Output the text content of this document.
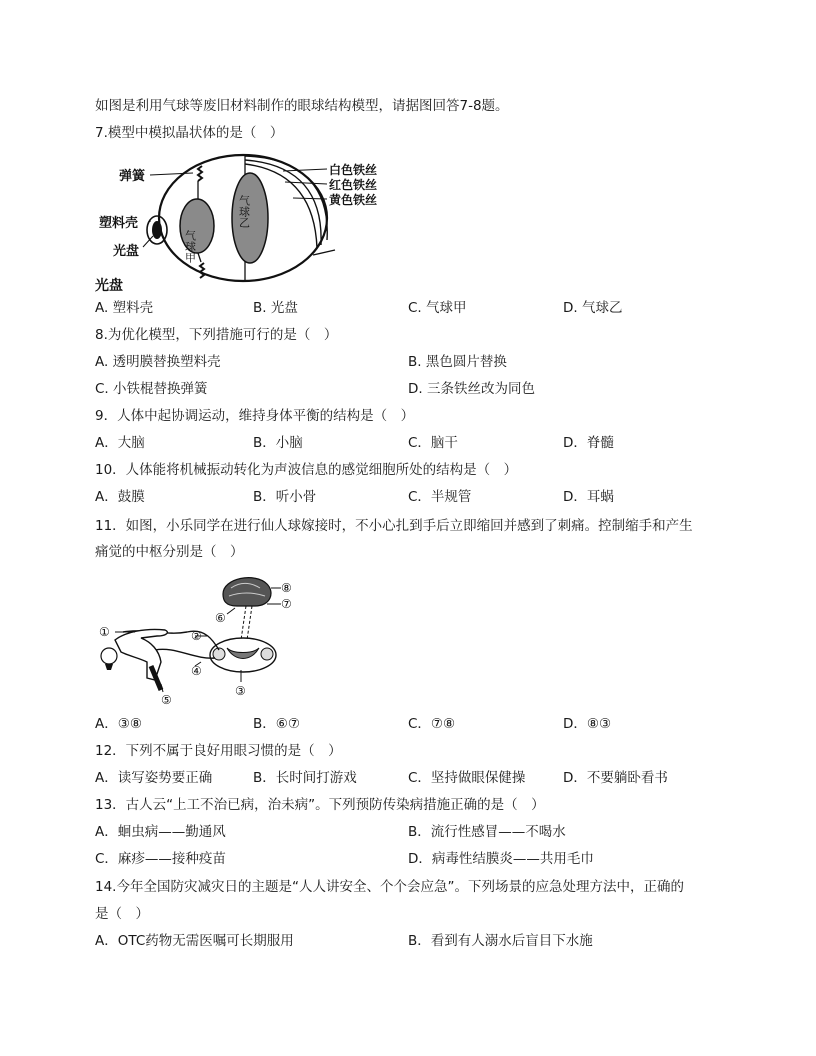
如图是利用气球等废旧材料制作的眼球结构模型，请据图回答7-8题。
7.模型中模拟晶状体的是（　）
弹簧
塑料壳
光盘
白色铁丝
红色铁丝
黄色铁丝
气球甲
气球乙
光盘
A. 塑料壳	B. 光盘	C. 气球甲	D. 气球乙
8.为优化模型，下列措施可行的是（　）
A. 透明膜替换塑料壳	B. 黑色圆片替换
C. 小铁棍替换弹簧	D. 三条铁丝改为同色
9．人体中起协调运动，维持身体平衡的结构是（　）
A．大脑	B．小脑	C．脑干	D．脊髓
10．人体能将机械振动转化为声波信息的感觉细胞所处的结构是（　）
A．鼓膜	B．听小骨	C．半规管	D．耳蜗
11．如图，小乐同学在进行仙人球嫁接时，不小心扎到手后立即缩回并感到了刺痛。控制缩手和产生
痛觉的中枢分别是（　）
①	②
③
④
⑤
⑥
⑦
⑧
A．③⑧	B．⑥⑦	C．⑦⑧	D．⑧③
12．下列不属于良好用眼习惯的是（　）
A．读写姿势要正确	B．长时间打游戏	C．坚持做眼保健操	D．不要躺卧看书
13．古人云“上工不治已病，治未病”。下列预防传染病措施正确的是（　）
A．蛔虫病——勤通风	B．流行性感冒——不喝水
C．麻疹——接种疫苗	D．病毒性结膜炎——共用毛巾
14.今年全国防灾减灾日的主题是“人人讲安全、个个会应急”。下列场景的应急处理方法中，正确的
是（　）
A．OTC药物无需医嘱可长期服用	B．看到有人溺水后盲目下水施
